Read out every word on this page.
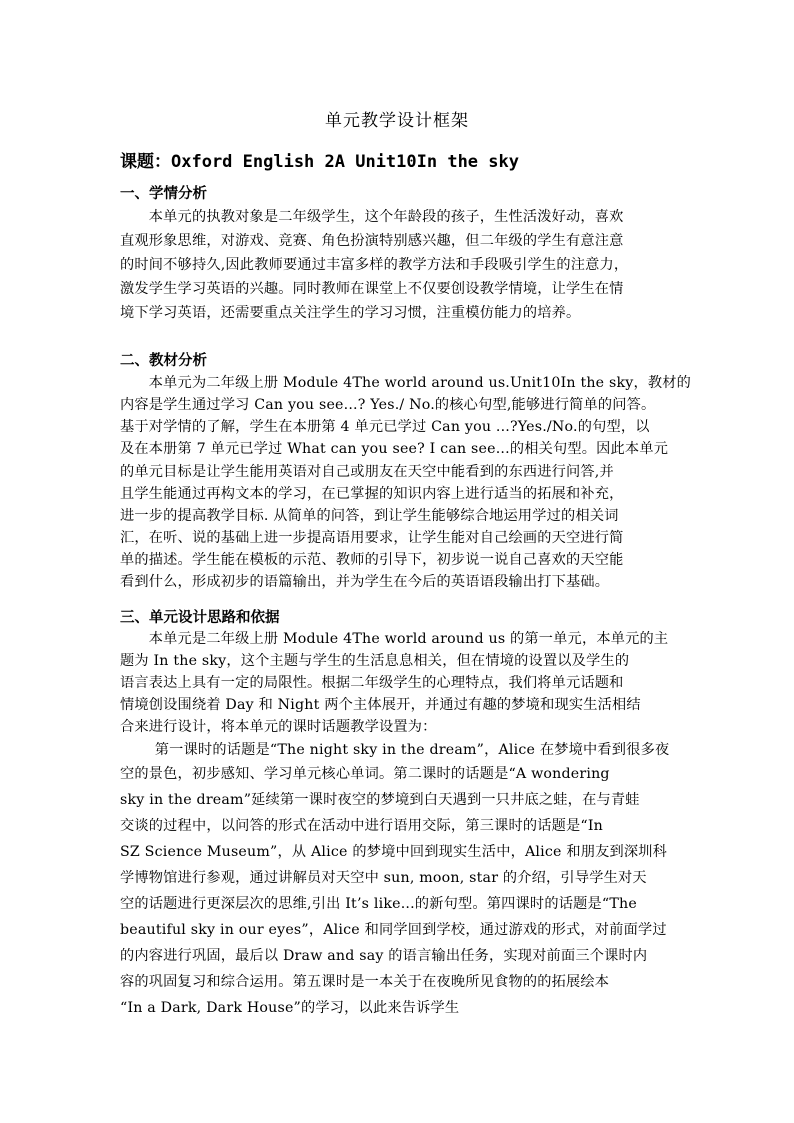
单元教学设计框架
课题：Oxford English 2A Unit10In the sky
一、学情分析
　　本单元的执教对象是二年级学生，这个年龄段的孩子，生性活泼好动，喜欢
直观形象思维，对游戏、竞赛、角色扮演特别感兴趣，但二年级的学生有意注意
的时间不够持久,因此教师要通过丰富多样的教学方法和手段吸引学生的注意力，
激发学生学习英语的兴趣。同时教师在课堂上不仅要创设教学情境，让学生在情
境下学习英语，还需要重点关注学生的学习习惯，注重模仿能力的培养。
二、教材分析
　　本单元为二年级上册 Module 4The world around us.Unit10In the sky，教材的
内容是学生通过学习 Can you see...? Yes./ No.的核心句型,能够进行简单的问答。
基于对学情的了解，学生在本册第 4 单元已学过 Can you ...?Yes./No.的句型，以
及在本册第 7 单元已学过 What can you see? I can see...的相关句型。因此本单元
的单元目标是让学生能用英语对自己或朋友在天空中能看到的东西进行问答,并
且学生能通过再构文本的学习，在已掌握的知识内容上进行适当的拓展和补充，
进一步的提高教学目标. 从简单的问答，到让学生能够综合地运用学过的相关词
汇，在听、说的基础上进一步提高语用要求，让学生能对自己绘画的天空进行简
单的描述。学生能在模板的示范、教师的引导下，初步说一说自己喜欢的天空能
看到什么，形成初步的语篇输出，并为学生在今后的英语语段输出打下基础。
三、单元设计思路和依据
　　本单元是二年级上册 Module 4The world around us 的第一单元，本单元的主
题为 In the sky，这个主题与学生的生活息息相关，但在情境的设置以及学生的
语言表达上具有一定的局限性。根据二年级学生的心理特点，我们将单元话题和
情境创设围绕着 Day 和 Night 两个主体展开，并通过有趣的梦境和现实生活相结
合来进行设计，将本单元的课时话题教学设置为：
　　第一课时的话题是“The night sky in the dream”，Alice 在梦境中看到很多夜
空的景色，初步感知、学习单元核心单词。第二课时的话题是“A wondering
sky in the dream”延续第一课时夜空的梦境到白天遇到一只井底之蛙，在与青蛙
交谈的过程中，以问答的形式在活动中进行语用交际，第三课时的话题是“In
SZ Science Museum”，从 Alice 的梦境中回到现实生活中，Alice 和朋友到深圳科
学博物馆进行参观，通过讲解员对天空中 sun, moon, star 的介绍，引导学生对天
空的话题进行更深层次的思维,引出 It’s like...的新句型。第四课时的话题是“The
beautiful sky in our eyes”，Alice 和同学回到学校，通过游戏的形式，对前面学过
的内容进行巩固，最后以 Draw and say 的语言输出任务，实现对前面三个课时内
容的巩固复习和综合运用。第五课时是一本关于在夜晚所见食物的的拓展绘本
“In a Dark, Dark House”的学习，以此来告诉学生
